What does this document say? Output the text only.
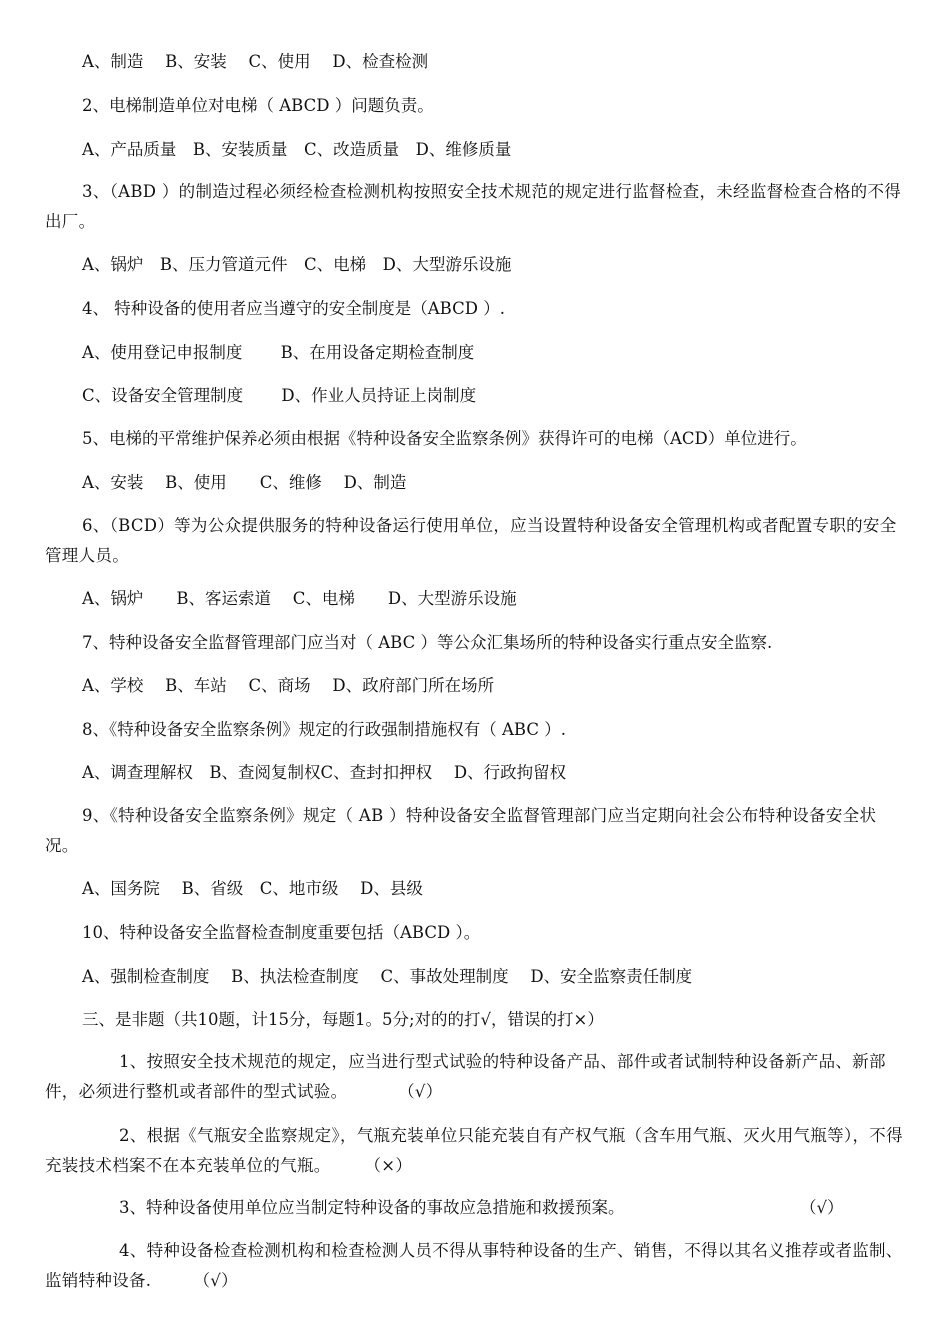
A、制造　 B、安装　 C、使用　 D、检查检测
2、电梯制造单位对电梯（ ABCD ）问题负责。
A、产品质量　B、安装质量　C、改造质量　D、维修质量
3、（ABD ）的制造过程必须经检查检测机构按照安全技术规范的规定进行监督检查，未经监督检查合格的不得出厂。
A、锅炉　B、压力管道元件　C、电梯　D、大型游乐设施
4、 特种设备的使用者应当遵守的安全制度是（ABCD ）.
A、使用登记申报制度　　 B、在用设备定期检查制度
C、设备安全管理制度　　 D、作业人员持证上岗制度
5、电梯的平常维护保养必须由根据《特种设备安全监察条例》获得许可的电梯（ACD）单位进行。
A、安装　 B、使用　　C、维修　 D、制造
6、（BCD）等为公众提供服务的特种设备运行使用单位，应当设置特种设备安全管理机构或者配置专职的安全管理人员。
A、锅炉　　B、客运索道　 C、电梯　　D、大型游乐设施
7、特种设备安全监督管理部门应当对（ ABC ）等公众汇集场所的特种设备实行重点安全监察.
A、学校　 B、车站　 C、商场　 D、政府部门所在场所
8、《特种设备安全监察条例》规定的行政强制措施权有（ ABC ）.
A、调查理解权　B、查阅复制权C、查封扣押权　 D、行政拘留权
9、《特种设备安全监察条例》规定（ AB ）特种设备安全监督管理部门应当定期向社会公布特种设备安全状况。
A、国务院　 B、省级　C、地市级　 D、县级
10、特种设备安全监督检查制度重要包括（ABCD ）。
A、强制检查制度　 B、执法检查制度　 C、事故处理制度　 D、安全监察责任制度
三、是非题（共10题，计15分，每题1。5分;对的的打√，错误的打×）
1、按照安全技术规范的规定，应当进行型式试验的特种设备产品、部件或者试制特种设备新产品、新部件，必须进行整机或者部件的型式试验。　　　　（√）
2、根据《气瓶安全监察规定》，气瓶充装单位只能充装自有产权气瓶（含车用气瓶、灭火用气瓶等），不得充装技术档案不在本充装单位的气瓶。　　　（×）
3、特种设备使用单位应当制定特种设备的事故应急措施和救援预案。	（√）
4、特种设备检查检测机构和检查检测人员不得从事特种设备的生产、销售，不得以其名义推荐或者监制、监销特种设备.　　　（√）
